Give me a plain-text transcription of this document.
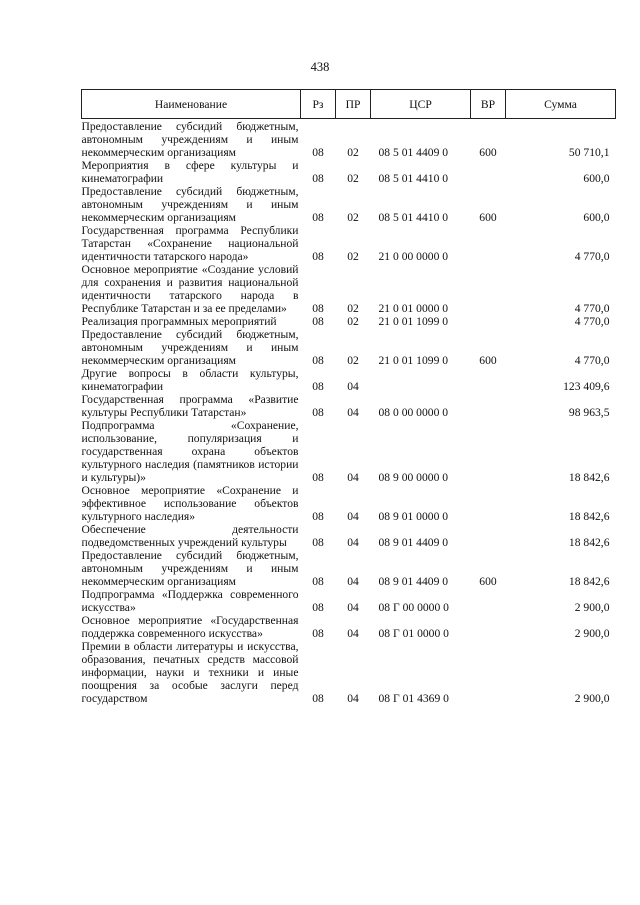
438
Наименование	Рз	ПР	ЦСР	ВР	Сумма
Предоставление субсидий бюджетным, автономным учреждениям и иным некоммерческим организациям	08	02	08 5 01 4409 0	600	50 710,1
Мероприятия в сфере культуры и кинематографии	08	02	08 5 01 4410 0		600,0
Предоставление субсидий бюджетным, автономным учреждениям и иным некоммерческим организациям	08	02	08 5 01 4410 0	600	600,0
Государственная программа Республики Татарстан «Сохранение национальной идентичности татарского народа»	08	02	21 0 00 0000 0		4 770,0
Основное мероприятие «Создание условий для сохранения и развития национальной идентичности татарского народа в Республике Татарстан и за ее пределами»	08	02	21 0 01 0000 0		4 770,0
Реализация программных мероприятий	08	02	21 0 01 1099 0		4 770,0
Предоставление субсидий бюджетным, автономным учреждениям и иным некоммерческим организациям	08	02	21 0 01 1099 0	600	4 770,0
Другие вопросы в области культуры, кинематографии	08	04			123 409,6
Государственная программа «Развитие культуры Республики Татарстан»	08	04	08 0 00 0000 0		98 963,5
Подпрограмма «Сохранение, использование, популяризация и государственная охрана объектов культурного наследия (памятников истории и культуры)»	08	04	08 9 00 0000 0		18 842,6
Основное мероприятие «Сохранение и эффективное использование объектов культурного наследия»	08	04	08 9 01 0000 0		18 842,6
Обеспечение деятельности подведомственных учреждений культуры	08	04	08 9 01 4409 0		18 842,6
Предоставление субсидий бюджетным, автономным учреждениям и иным некоммерческим организациям	08	04	08 9 01 4409 0	600	18 842,6
Подпрограмма «Поддержка современного искусства»	08	04	08 Г 00 0000 0		2 900,0
Основное мероприятие «Государственная поддержка современного искусства»	08	04	08 Г 01 0000 0		2 900,0
Премии в области литературы и искусства, образования, печатных средств массовой информации, науки и техники и иные поощрения за особые заслуги перед государством	08	04	08 Г 01 4369 0		2 900,0
